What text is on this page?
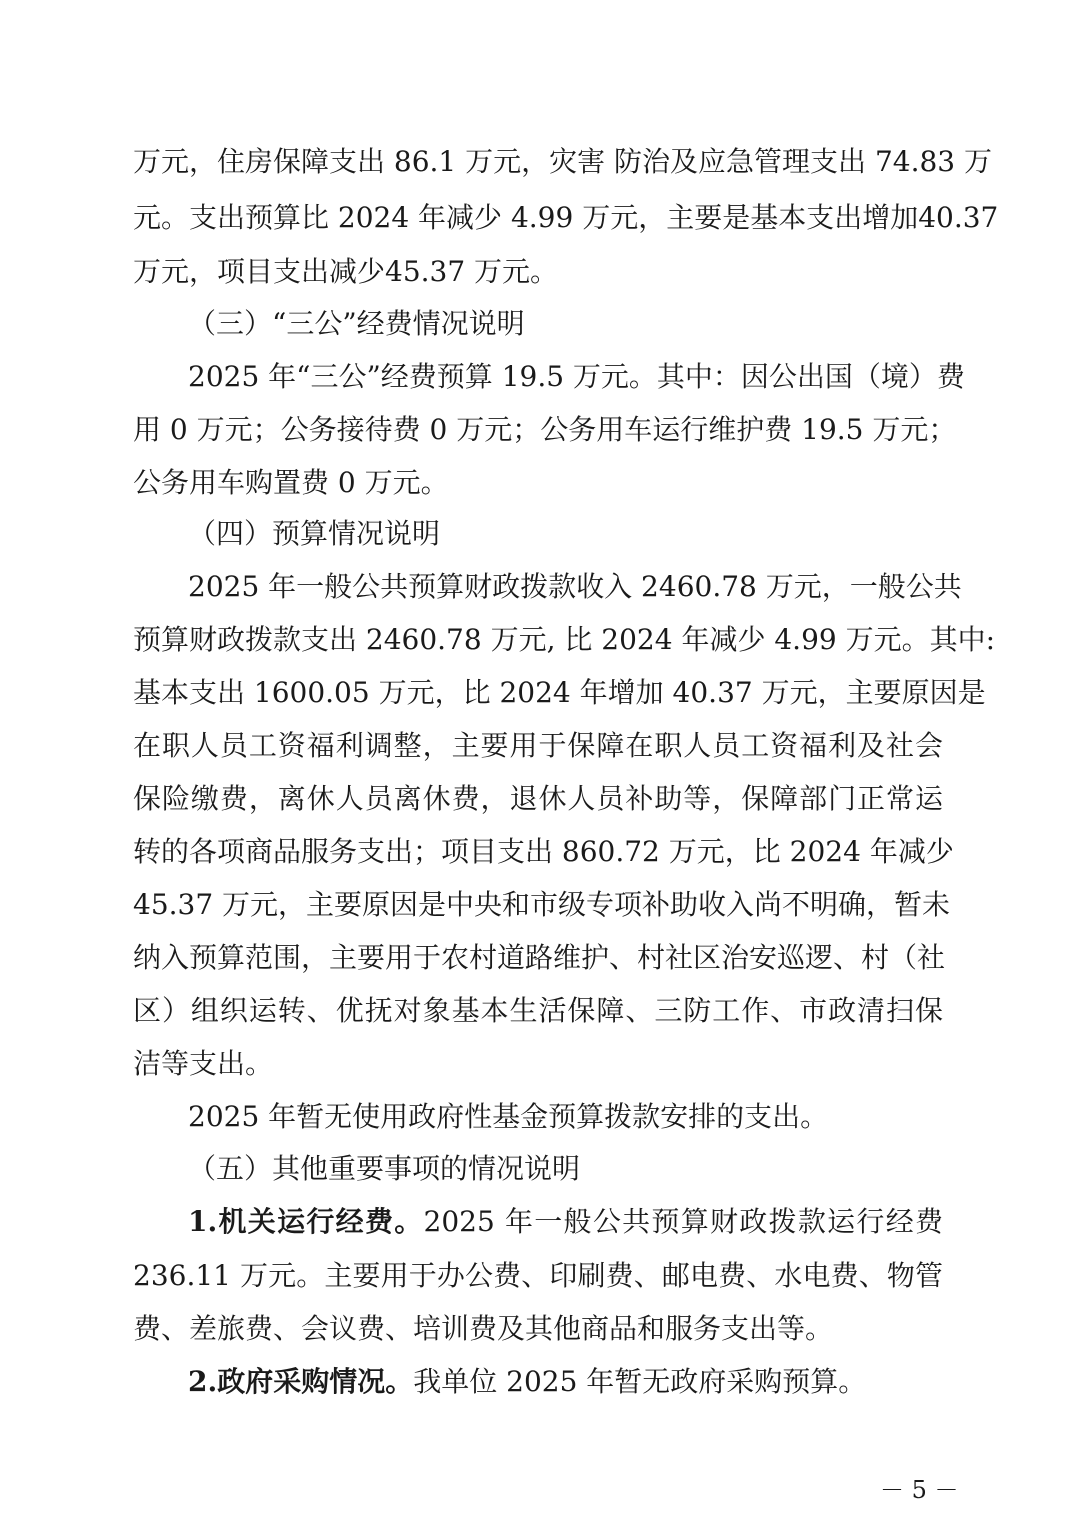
万元，住房保障支出 86.1 万元，灾害 防治及应急管理支出 74.83 万
元。支出预算比 2024 年减少 4.99 万元，主要是基本支出增加40.37
万元，项目支出减少45.37 万元。
（三）“三公”经费情况说明
2025 年“三公”经费预算 19.5 万元。其中：因公出国（境）费
用 0 万元；公务接待费 0 万元；公务用车运行维护费 19.5 万元；
公务用车购置费 0 万元。
（四）预算情况说明
2025 年一般公共预算财政拨款收入 2460.78 万元，一般公共
预算财政拨款支出 2460.78 万元, 比 2024 年减少 4.99 万元。其中:
基本支出 1600.05 万元，比 2024 年增加 40.37 万元，主要原因是
在职人员工资福利调整，主要用于保障在职人员工资福利及社会
保险缴费，离休人员离休费，退休人员补助等，保障部门正常运
转的各项商品服务支出；项目支出 860.72 万元，比 2024 年减少
45.37 万元，主要原因是中央和市级专项补助收入尚不明确，暂未
纳入预算范围，主要用于农村道路维护、村社区治安巡逻、村（社
区）组织运转、优抚对象基本生活保障、三防工作、市政清扫保
洁等支出。
2025 年暂无使用政府性基金预算拨款安排的支出。
（五）其他重要事项的情况说明
1.机关运行经费。2025 年一般公共预算财政拨款运行经费
236.11 万元。主要用于办公费、印刷费、邮电费、水电费、物管
费、差旅费、会议费、培训费及其他商品和服务支出等。
2.政府采购情况。我单位 2025 年暂无政府采购预算。
－ 5 －
